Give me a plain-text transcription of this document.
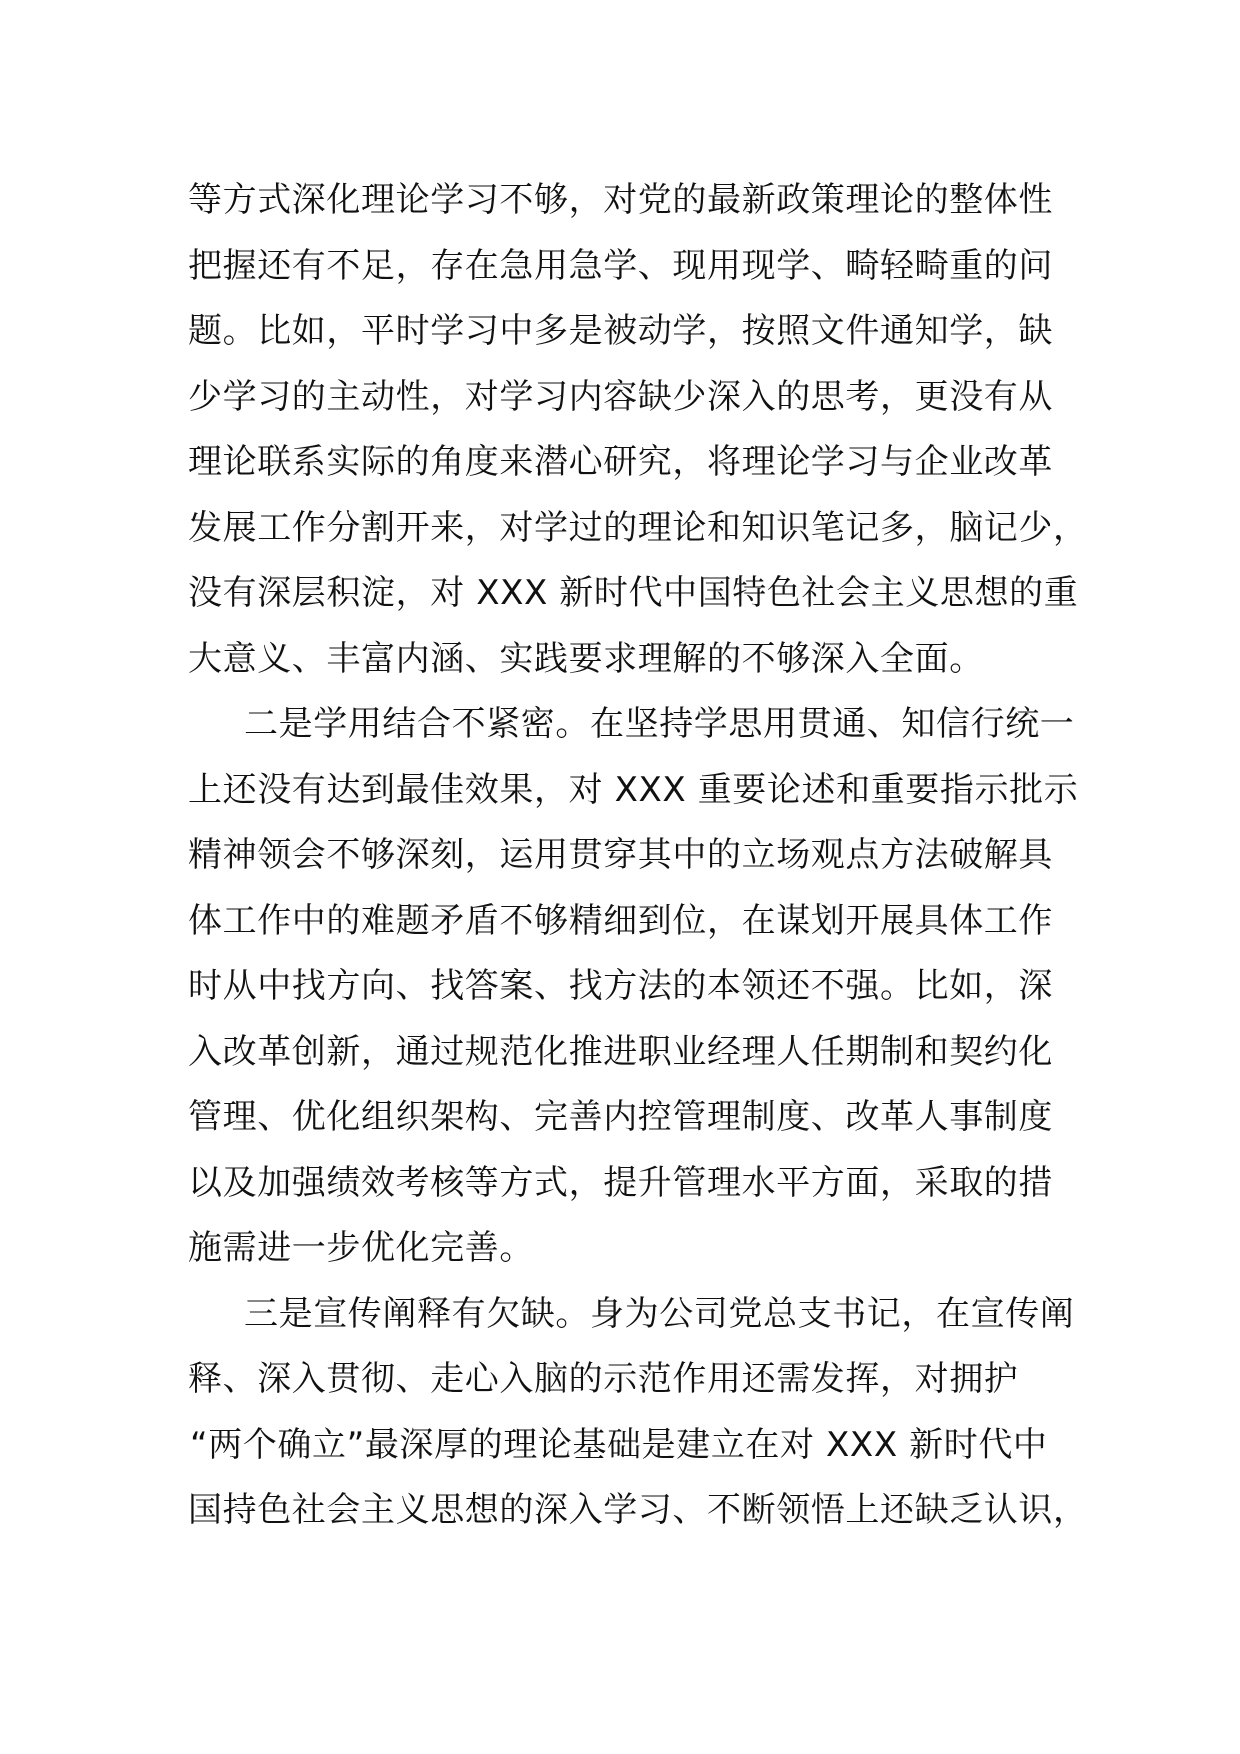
等方式深化理论学习不够，对党的最新政策理论的整体性
把握还有不足，存在急用急学、现用现学、畸轻畸重的问
题。比如，平时学习中多是被动学，按照文件通知学，缺
少学习的主动性，对学习内容缺少深入的思考，更没有从
理论联系实际的角度来潜心研究，将理论学习与企业改革
发展工作分割开来，对学过的理论和知识笔记多，脑记少，
没有深层积淀，对 XXX 新时代中国特色社会主义思想的重
大意义、丰富内涵、实践要求理解的不够深入全面。
二是学用结合不紧密。在坚持学思用贯通、知信行统一
上还没有达到最佳效果，对 XXX 重要论述和重要指示批示
精神领会不够深刻，运用贯穿其中的立场观点方法破解具
体工作中的难题矛盾不够精细到位，在谋划开展具体工作
时从中找方向、找答案、找方法的本领还不强。比如，深
入改革创新，通过规范化推进职业经理人任期制和契约化
管理、优化组织架构、完善内控管理制度、改革人事制度
以及加强绩效考核等方式，提升管理水平方面，采取的措
施需进一步优化完善。
三是宣传阐释有欠缺。身为公司党总支书记，在宣传阐
释、深入贯彻、走心入脑的示范作用还需发挥，对拥护
“两个确立”最深厚的理论基础是建立在对 XXX 新时代中
国持色社会主义思想的深入学习、不断领悟上还缺乏认识，
